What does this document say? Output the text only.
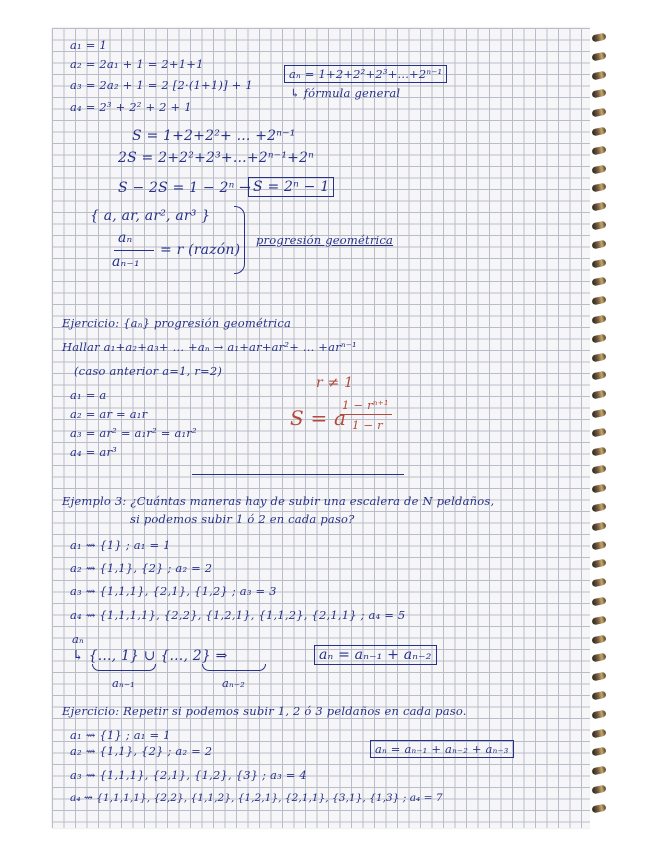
a₁ = 1
a₂ = 2a₁ + 1 = 2+1+1
a₃ = 2a₂ + 1 = 2 [2·(1+1)] + 1
a₄ = 2³ + 2² + 2 + 1
aₙ = 1+2+2²+2³+...+2ⁿ⁻¹
↳ fórmula general
S = 1+2+2²+ ... +2ⁿ⁻¹
2S = 2+2²+2³+...+2ⁿ⁻¹+2ⁿ
S − 2S = 1 − 2ⁿ → S = 2ⁿ − 1
{ a, ar, ar², ar³ }
aₙ
aₙ₋₁
= r (razón)
progresión geométrica
Ejercicio: {aₙ} progresión geométrica
Hallar a₁+a₂+a₃+ ... +aₙ → a₁+ar+ar²+ ... +arⁿ⁻¹
(caso anterior a=1, r=2)
a₁ = a
a₂ = ar = a₁r
a₃ = ar² = a₁r² = a₁r²
a₄ = ar³
r ≠ 1
S = a
1 − rⁿ⁺¹
1 − r
Ejemplo 3: ¿Cuántas maneras hay de subir una escalera de N peldaños,
si podemos subir 1 ó 2 en cada paso?
a₁ ⇝ {1} ; a₁ = 1
a₂ ⇝ {1,1}, {2} ; a₂ = 2
a₃ ⇝ {1,1,1}, {2,1}, {1,2} ; a₃ = 3
a₄ ⇝ {1,1,1,1}, {2,2}, {1,2,1}, {1,1,2}, {2,1,1} ; a₄ = 5
aₙ
↳ {..., 1} ∪ {..., 2} ⇒	aₙ = aₙ₋₁ + aₙ₋₂
aₙ₋₁	aₙ₋₂
Ejercicio: Repetir si podemos subir 1, 2 ó 3 peldaños en cada paso.
a₁ ⇝ {1} ; a₁ = 1
a₂ ⇝ {1,1}, {2} ; a₂ = 2	aₙ = aₙ₋₁ + aₙ₋₂ + aₙ₋₃
a₃ ⇝ {1,1,1}, {2,1}, {1,2}, {3} ; a₃ = 4
a₄ ⇝ {1,1,1,1}, {2,2}, {1,1,2}, {1,2,1}, {2,1,1}, {3,1}, {1,3} ; a₄ = 7
